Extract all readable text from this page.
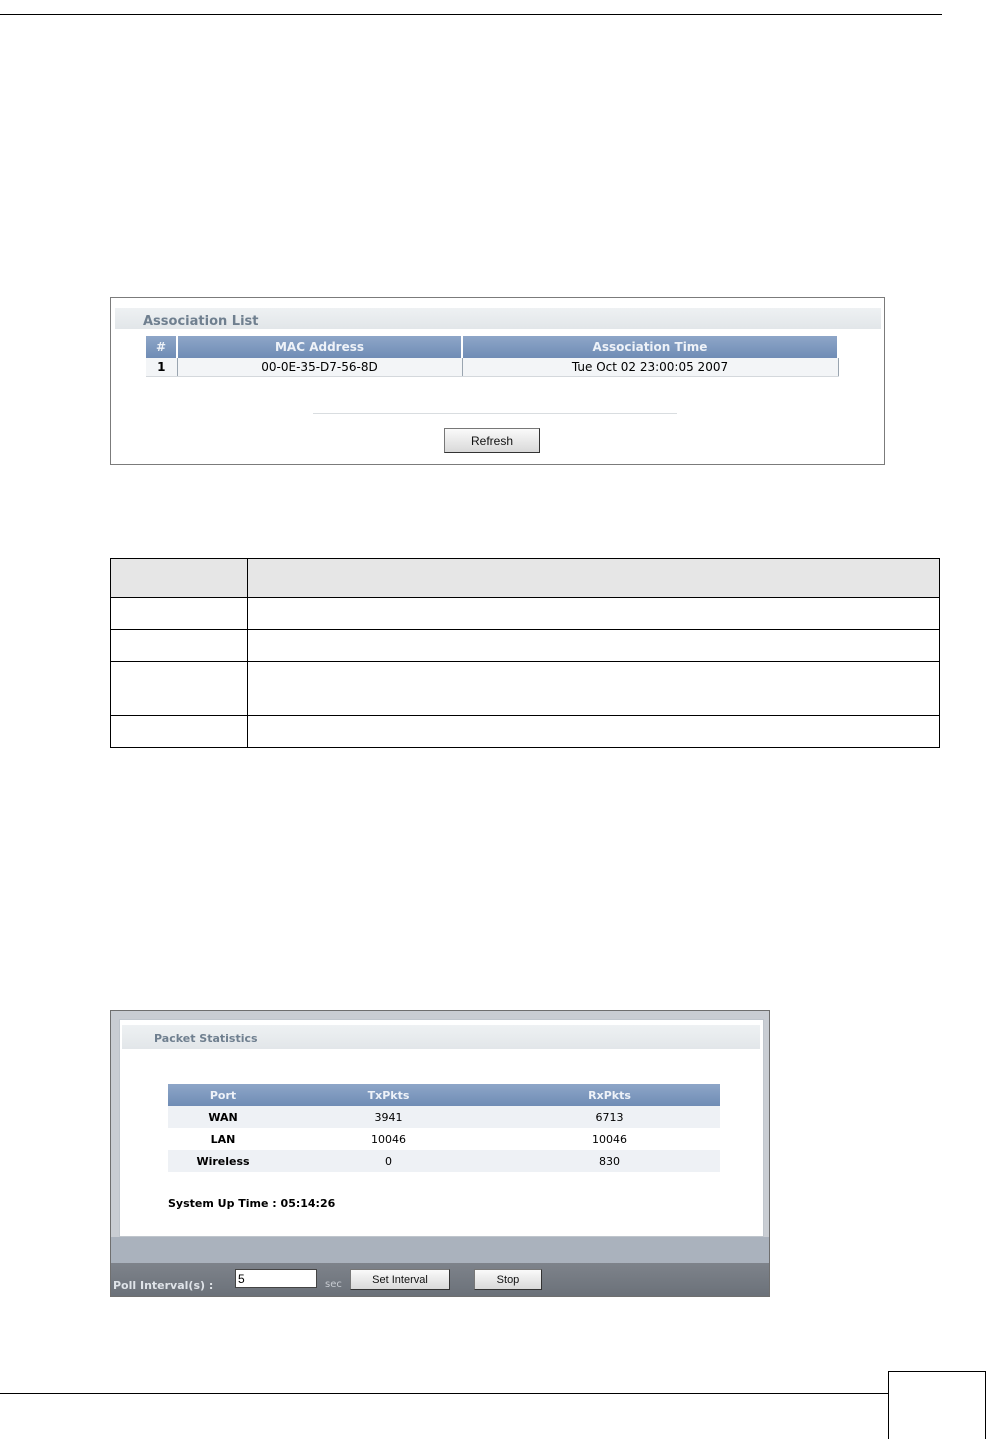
Association List
#	MAC Address	Association Time
1	00-0E-35-D7-56-8D	Tue Oct 02 23:00:05 2007
Refresh

Packet Statistics
Port	TxPkts	RxPkts
WAN	3941	6713
LAN	10046	10046
Wireless	0	830
System Up Time : 05:14:26
Poll Interval(s) :
5	sec	Set Interval	Stop
